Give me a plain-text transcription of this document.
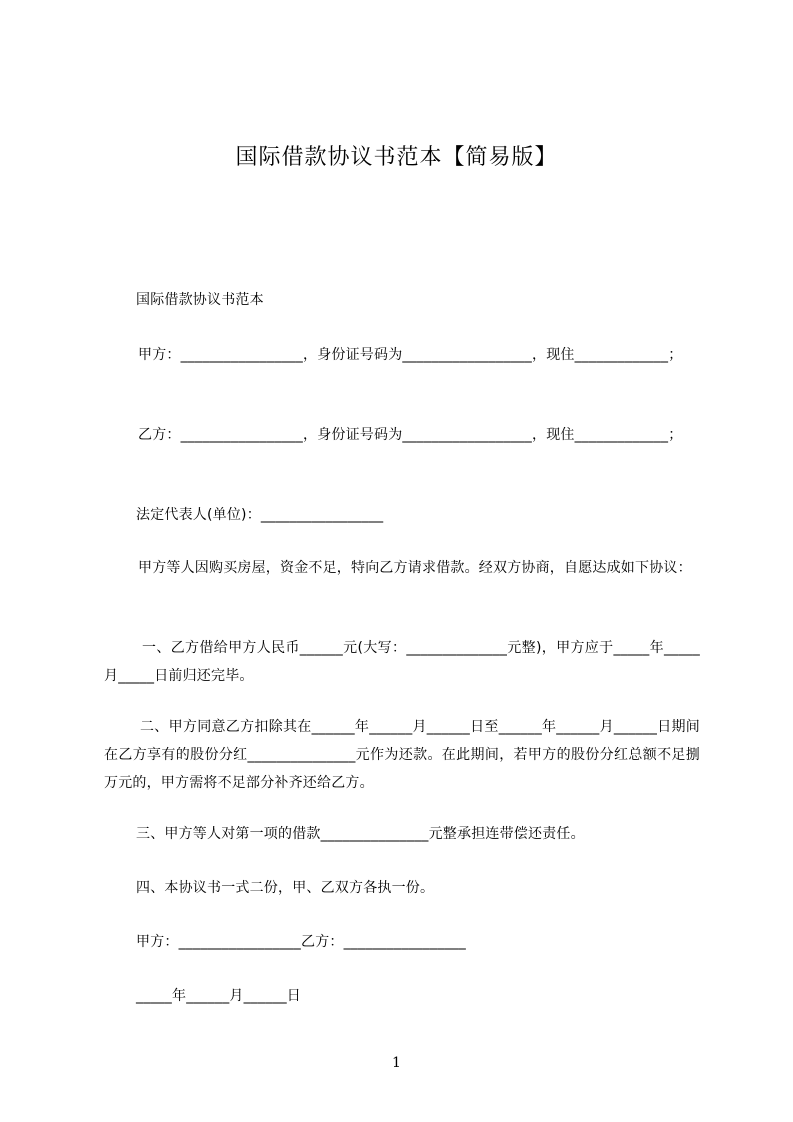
国际借款协议书范本【简易版】
国际借款协议书范本
甲方：_________________，身份证号码为__________________，现住_____________；
乙方：_________________，身份证号码为__________________，现住_____________；
法定代表人(单位)：_________________
甲方等人因购买房屋，资金不足，特向乙方请求借款。经双方协商，自愿达成如下协议：
一、乙方借给甲方人民币______元(大写：______________元整)，甲方应于_____年_____月_____日前归还完毕。
二、甲方同意乙方扣除其在______年______月______日至______年______月______日期间在乙方享有的股份分红_______________元作为还款。在此期间，若甲方的股份分红总额不足捌万元的，甲方需将不足部分补齐还给乙方。
三、甲方等人对第一项的借款_______________元整承担连带偿还责任。
四、本协议书一式二份，甲、乙双方各执一份。
甲方：_________________乙方：_________________
_____年______月______日
1
